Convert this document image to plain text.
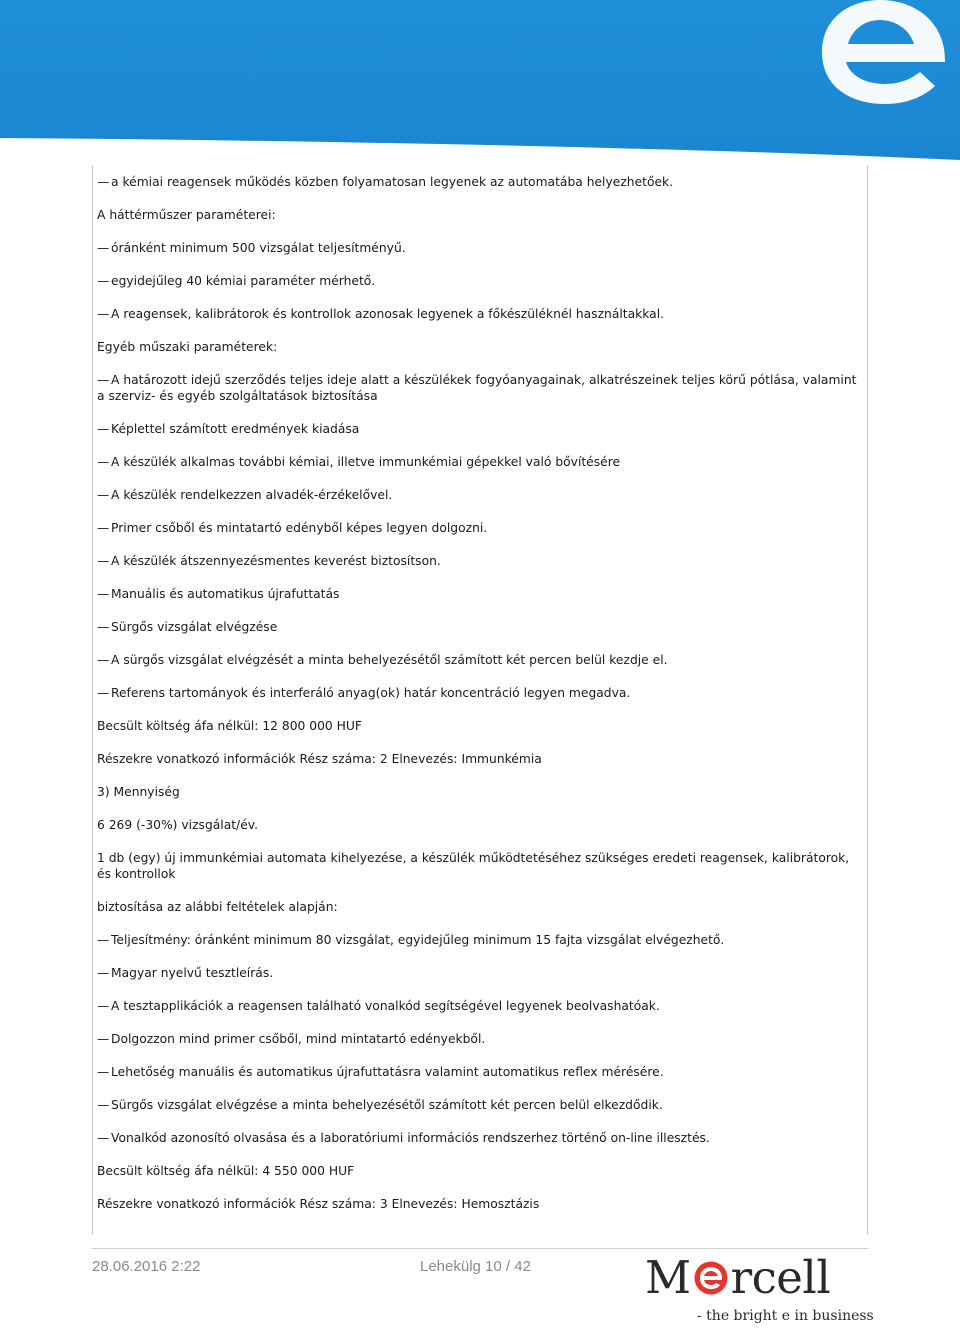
— a kémiai reagensek működés közben folyamatosan legyenek az automatába helyezhetőek.

A háttérműszer paraméterei:

— óránként minimum 500 vizsgálat teljesítményű.

— egyidejűleg 40 kémiai paraméter mérhető.

— A reagensek, kalibrátorok és kontrollok azonosak legyenek a főkészüléknél használtakkal.

Egyéb műszaki paraméterek:

— A határozott idejű szerződés teljes ideje alatt a készülékek fogyóanyagainak, alkatrészeinek teljes körű pótlása, valamint a szerviz- és egyéb szolgáltatások biztosítása

— Képlettel számított eredmények kiadása

— A készülék alkalmas további kémiai, illetve immunkémiai gépekkel való bővítésére

— A készülék rendelkezzen alvadék-érzékelővel.

— Primer csőből és mintatartó edényből képes legyen dolgozni.

— A készülék átszennyezésmentes keverést biztosítson.

— Manuális és automatikus újrafuttatás

— Sürgős vizsgálat elvégzése

— A sürgős vizsgálat elvégzését a minta behelyezésétől számított két percen belül kezdje el.

— Referens tartományok és interferáló anyag(ok) határ koncentráció legyen megadva.

Becsült költség áfa nélkül: 12 800 000 HUF

Részekre vonatkozó információk Rész száma: 2 Elnevezés: Immunkémia

3) Mennyiség

6 269 (-30%) vizsgálat/év.

1 db (egy) új immunkémiai automata kihelyezése, a készülék működtetéséhez szükséges eredeti reagensek, kalibrátorok, és kontrollok

biztosítása az alábbi feltételek alapján:

— Teljesítmény: óránként minimum 80 vizsgálat, egyidejűleg minimum 15 fajta vizsgálat elvégezhető.

— Magyar nyelvű tesztleírás.

— A tesztapplikációk a reagensen található vonalkód segítségével legyenek beolvashatóak.

— Dolgozzon mind primer csőből, mind mintatartó edényekből.

— Lehetőség manuális és automatikus újrafuttatásra valamint automatikus reflex mérésére.

— Sürgős vizsgálat elvégzése a minta behelyezésétől számított két percen belül elkezdődik.

— Vonalkód azonosító olvasása és a laboratóriumi információs rendszerhez történő on-line illesztés.

Becsült költség áfa nélkül: 4 550 000 HUF

Részekre vonatkozó információk Rész száma: 3 Elnevezés: Hemosztázis

28.06.2016 2:22	Lehekülg 10 / 42	M rcell
- the bright e in business
